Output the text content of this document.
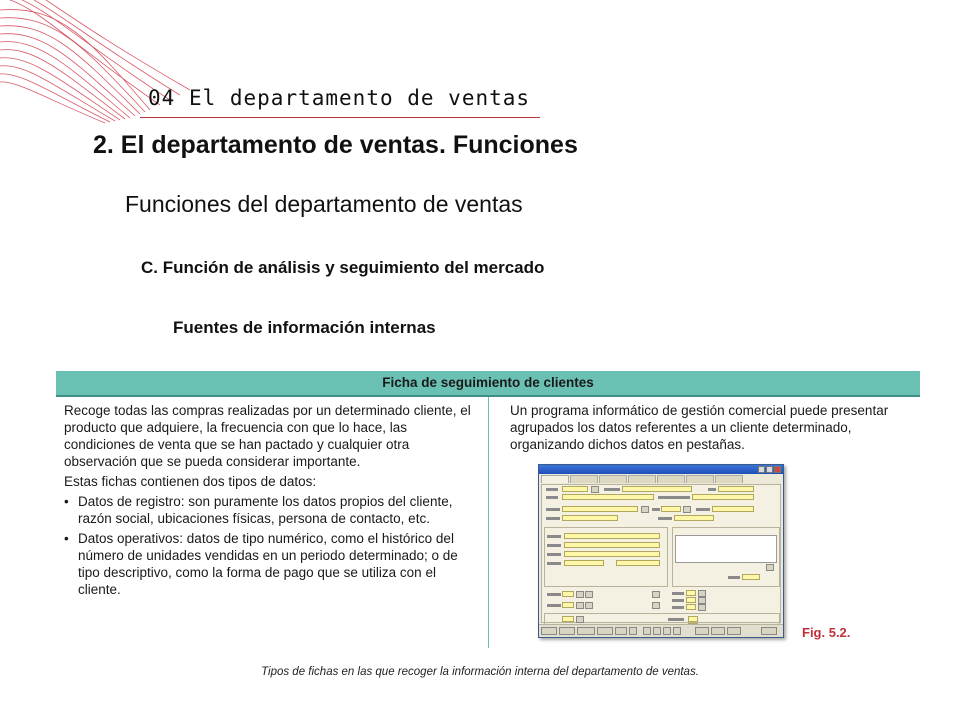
04 El departamento de ventas
2. El departamento de ventas. Funciones
Funciones del departamento de ventas
C. Función de análisis y seguimiento del mercado
Fuentes de información internas
Ficha de seguimiento de clientes

Recoge todas las compras realizadas por un determinado cliente, el producto que adquiere, la frecuencia con que lo hace, las condiciones de venta que se han pactado y cualquier otra observación que se pueda considerar importante.

Estas fichas contienen dos tipos de datos:

• Datos de registro: son puramente los datos propios del cliente, razón social, ubicaciones físicas, persona de contacto, etc.
• Datos operativos: datos de tipo numérico, como el histórico del número de unidades vendidas en un periodo determinado; o de tipo descriptivo, como la forma de pago que se utiliza con el cliente.

Un programa informático de gestión comercial puede presentar agrupados los datos referentes a un cliente determinado, organizando dichos datos en pestañas.

Fig. 5.2.
Tipos de fichas en las que recoger la información interna del departamento de ventas.
